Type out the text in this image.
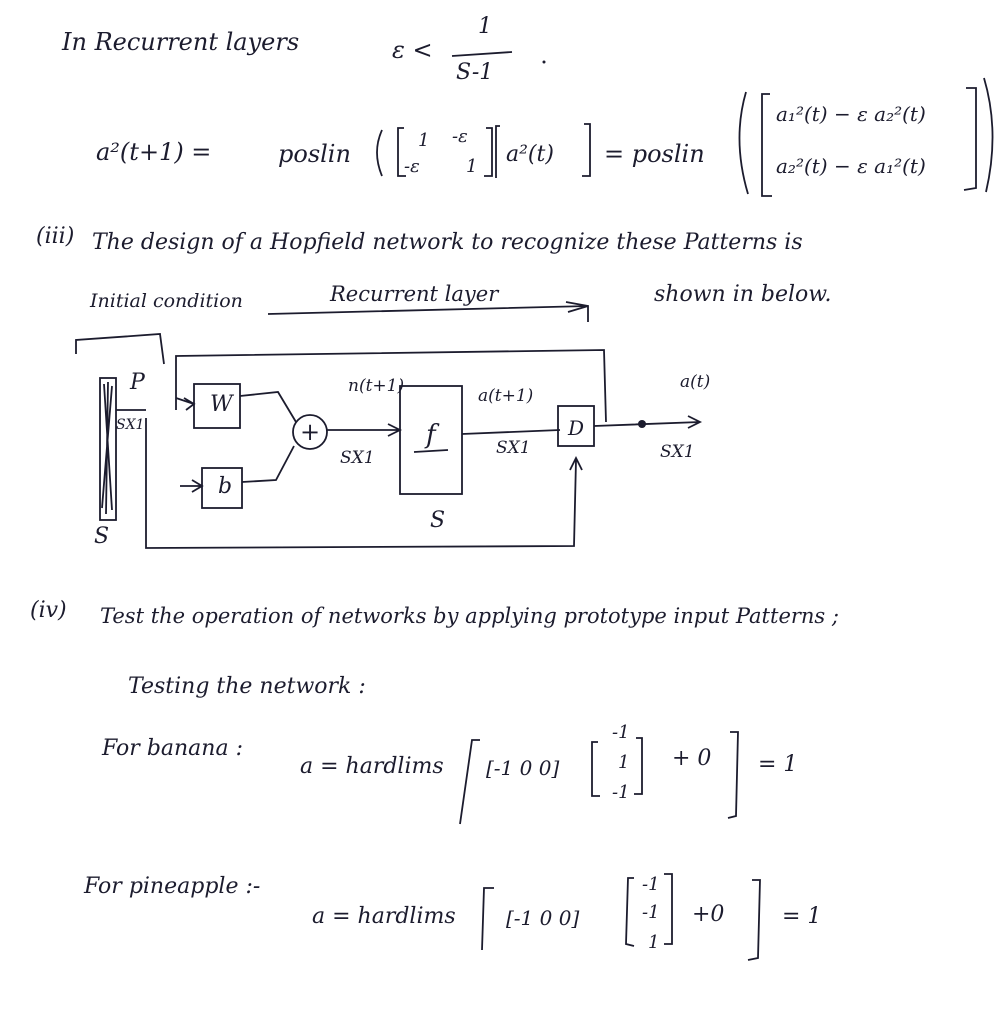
In Recurrent layers	ε <
1
S-1
a²(t+1) =	poslin	1 -ε
-ε	1 a²(t) = poslin
a₁²(t) − ε a₂²(t)
a₂²(t) − ε a₁²(t)
(iii) The design of a Hopfield network to recognize these Patterns is
shown in below.
Initial condition	Recurrent layer
P
SX1
S
W
b
+
n(t+1)
SX1
f
S
a(t+1)
SX1
D
a(t)
SX1
(iv) Test the operation of networks by applying prototype input Patterns ;
Testing the network :
For banana :
a = hardlims [-1 0 0]
-1
1
-1
+ 0 = 1
For pineapple :-
a = hardlims	[-1 0 0]
-1
-1
1
+0	= 1
